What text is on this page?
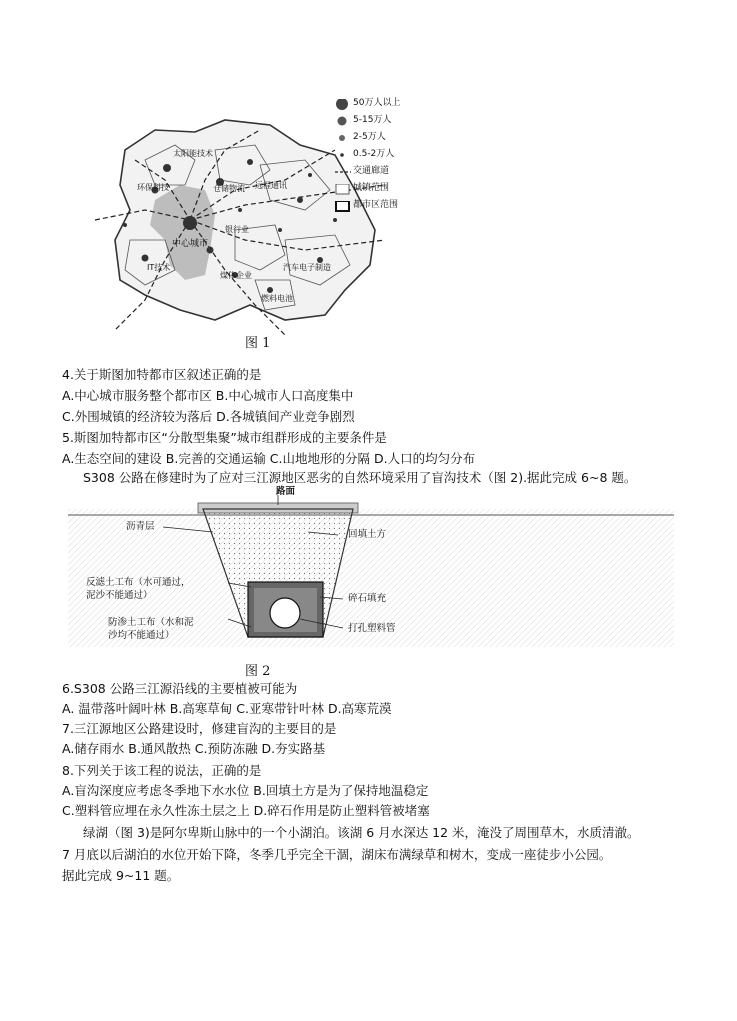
太阳能技术
环保科技	仓储物流 远程通讯
中心城市
银行业
IT技术
煤体企业
汽车电子制造
燃料电池
50万人以上
5-15万人
2-5万人
0.5-2万人
交通廊道
城镇范围
都市区范围
图 1
4.关于斯图加特都市区叙述正确的是
A.中心城市服务整个都市区 B.中心城市人口高度集中
C.外围城镇的经济较为落后 D.各城镇间产业竞争剧烈
5.斯图加特都市区“分散型集聚”城市组群形成的主要条件是
A.生态空间的建设 B.完善的交通运输 C.山地地形的分隔 D.人口的均匀分布
S308 公路在修建时为了应对三江源地区恶劣的自然环境采用了盲沟技术（图 2).据此完成 6~8 题。
路面
沥青层
回填土方
碎石填充
打孔塑料管
反滤土工布（水可通过，
泥沙不能通过）
防渗土工布（水和泥
沙均不能通过）
图 2
6.S308 公路三江源沿线的主要植被可能为
A. 温带落叶阔叶林 B.高寒草甸 C.亚寒带针叶林 D.高寒荒漠
7.三江源地区公路建设时，修建盲沟的主要目的是
A.储存雨水 B.通风散热 C.预防冻融 D.夯实路基
8.下列关于该工程的说法，正确的是
A.盲沟深度应考虑冬季地下水水位 B.回填土方是为了保持地温稳定
C.塑料管应埋在永久性冻土层之上 D.碎石作用是防止塑料管被堵塞
绿湖（图 3)是阿尔卑斯山脉中的一个小湖泊。该湖 6 月水深达 12 米，淹没了周围草木，水质清澈。
7 月底以后湖泊的水位开始下降，冬季几乎完全干涸，湖床布满绿草和树木，变成一座徒步小公园。
据此完成 9~11 题。
